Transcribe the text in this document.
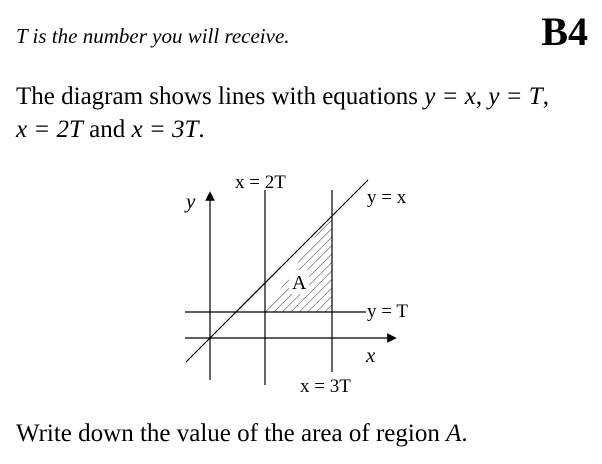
T is the number you will receive.	B4
The diagram shows lines with equations y = x, y = T,
x = 2T and x = 3T.
y
x
x = 2T
x = 3T
y = x
y = T
A
Write down the value of the area of region A.
